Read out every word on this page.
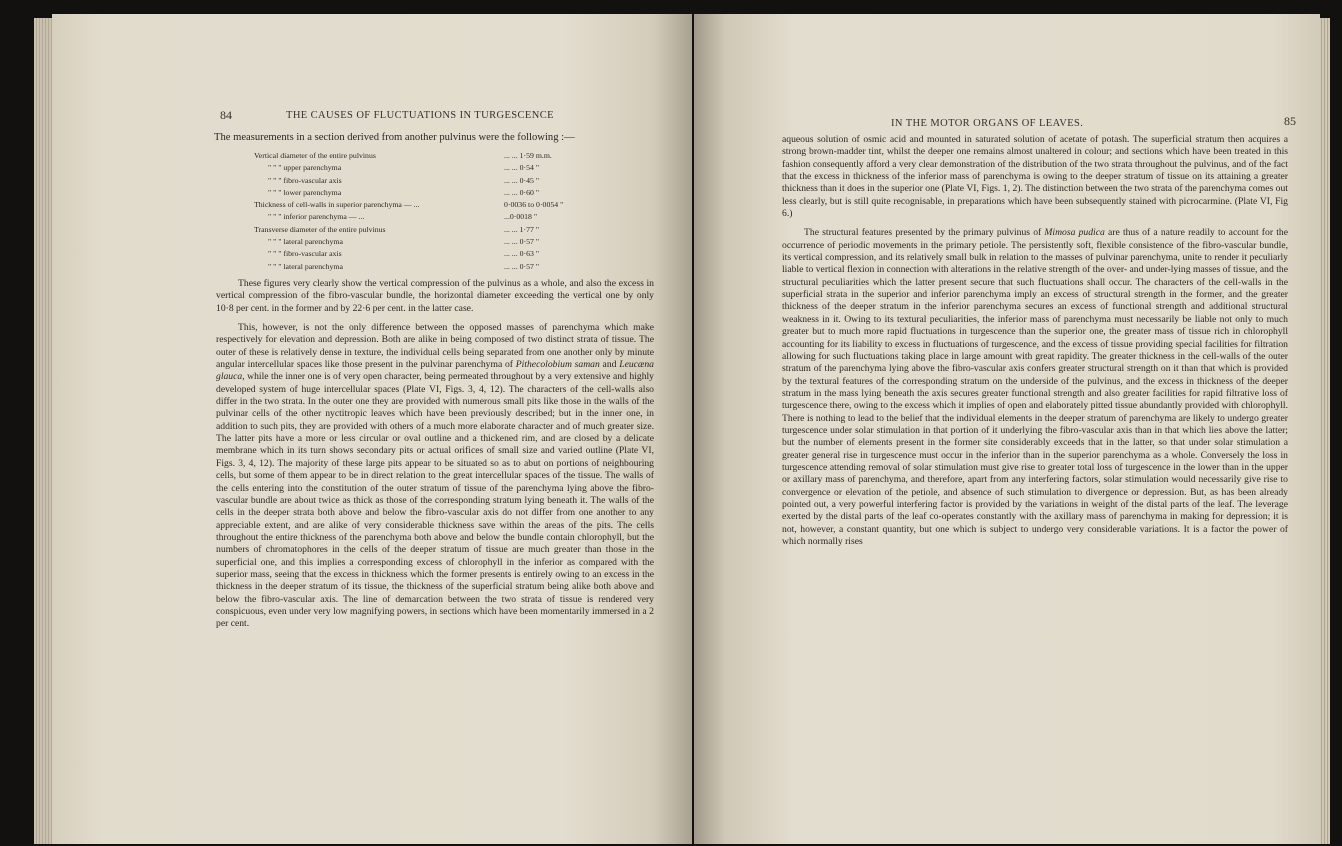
84	THE CAUSES OF FLUCTUATIONS IN TURGESCENCE
The measurements in a section derived from another pulvinus were the following :—
Vertical diameter of the entire pulvinus	... ... 1·59 m.m.
" " " upper parenchyma	... ... 0·54 "
" " " fibro-vascular axis	... ... 0·45 "
" " " lower parenchyma	... ... 0·60 "
Thickness of cell-walls in superior parenchyma — ...	0·0036 to 0·0054 "
" " " inferior parenchyma — ...	...0·0018 "
Transverse diameter of the entire pulvinus	... ... 1·77 "
" " " lateral parenchyma	... ... 0·57 "
" " " fibro-vascular axis	... ... 0·63 "
" " " lateral parenchyma	... ... 0·57 "

These figures very clearly show the vertical compression of the pulvinus as a whole, and also the excess in vertical compression of the fibro-vascular bundle, the horizontal diameter exceeding the vertical one by only 10·8 per cent. in the former and by 22·6 per cent. in the latter case.

This, however, is not the only difference between the opposed masses of parenchyma which make respectively for elevation and depression. Both are alike in being composed of two distinct strata of tissue. The outer of these is relatively dense in texture, the individual cells being separated from one another only by minute angular intercellular spaces like those present in the pulvinar parenchyma of Pithecolobium saman and Leucæna glauca, while the inner one is of very open character, being permeated throughout by a very extensive and highly developed system of huge intercellular spaces (Plate VI, Figs. 3, 4, 12). The characters of the cell-walls also differ in the two strata. In the outer one they are provided with numerous small pits like those in the walls of the pulvinar cells of the other nyctitropic leaves which have been previously described; but in the inner one, in addition to such pits, they are provided with others of a much more elaborate character and of much greater size. The latter pits have a more or less circular or oval outline and a thickened rim, and are closed by a delicate membrane which in its turn shows secondary pits or actual orifices of small size and varied outline (Plate VI, Figs. 3, 4, 12). The majority of these large pits appear to be situated so as to abut on portions of neighbouring cells, but some of them appear to be in direct relation to the great intercellular spaces of the tissue. The walls of the cells entering into the constitution of the outer stratum of tissue of the parenchyma lying above the fibro-vascular bundle are about twice as thick as those of the corresponding stratum lying beneath it. The walls of the cells in the deeper strata both above and below the fibro-vascular axis do not differ from one another to any appreciable extent, and are alike of very considerable thickness save within the areas of the pits. The cells throughout the entire thickness of the parenchyma both above and below the bundle contain chlorophyll, but the numbers of chromatophores in the cells of the deeper stratum of tissue are much greater than those in the superficial one, and this implies a corresponding excess of chlorophyll in the inferior as compared with the superior mass, seeing that the excess in thickness which the former presents is entirely owing to an excess in the thickness in the deeper stratum of its tissue, the thickness of the superficial stratum being alike both above and below the fibro-vascular axis. The line of demarcation between the two strata of tissue is rendered very conspicuous, even under very low magnifying powers, in sections which have been momentarily immersed in a 2 per cent.

IN THE MOTOR ORGANS OF LEAVES.	85

aqueous solution of osmic acid and mounted in saturated solution of acetate of potash. The superficial stratum then acquires a strong brown-madder tint, whilst the deeper one remains almost unaltered in colour; and sections which have been treated in this fashion consequently afford a very clear demonstration of the distribution of the two strata throughout the pulvinus, and of the fact that the excess in thickness of the inferior mass of parenchyma is owing to the deeper stratum of tissue on its attaining a greater thickness than it does in the superior one (Plate VI, Figs. 1, 2). The distinction between the two strata of the parenchyma comes out less clearly, but is still quite recognisable, in preparations which have been subsequently stained with picrocarmine. (Plate VI, Fig 6.)

The structural features presented by the primary pulvinus of Mimosa pudica are thus of a nature readily to account for the occurrence of periodic movements in the primary petiole. The persistently soft, flexible consistence of the fibro-vascular bundle, its vertical compression, and its relatively small bulk in relation to the masses of pulvinar parenchyma, unite to render it peculiarly liable to vertical flexion in connection with alterations in the relative strength of the over- and under-lying masses of tissue, and the structural peculiarities which the latter present secure that such fluctuations shall occur. The characters of the cell-walls in the superficial strata in the superior and inferior parenchyma imply an excess of structural strength in the former, and the greater thickness of the deeper stratum in the inferior parenchyma secures an excess of functional strength and additional structural weakness in it. Owing to its textural peculiarities, the inferior mass of parenchyma must necessarily be liable not only to much greater but to much more rapid fluctuations in turgescence than the superior one, the greater mass of tissue rich in chlorophyll accounting for its liability to excess in fluctuations of turgescence, and the excess of tissue providing special facilities for filtration allowing for such fluctuations taking place in large amount with great rapidity. The greater thickness in the cell-walls of the outer stratum of the parenchyma lying above the fibro-vascular axis confers greater structural strength on it than that which is provided by the textural features of the corresponding stratum on the underside of the pulvinus, and the excess in thickness of the deeper stratum in the mass lying beneath the axis secures greater functional strength and also greater facilities for rapid filtrative loss of turgescence there, owing to the excess which it implies of open and elaborately pitted tissue abundantly provided with chlorophyll. There is nothing to lead to the belief that the individual elements in the deeper stratum of parenchyma are likely to undergo greater turgescence under solar stimulation in that portion of it underlying the fibro-vascular axis than in that which lies above the latter; but the number of elements present in the former site considerably exceeds that in the latter, so that under solar stimulation a greater general rise in turgescence must occur in the inferior than in the superior parenchyma as a whole. Conversely the loss in turgescence attending removal of solar stimulation must give rise to greater total loss of turgescence in the lower than in the upper or axillary mass of parenchyma, and therefore, apart from any interfering factors, solar stimulation would necessarily give rise to convergence or elevation of the petiole, and absence of such stimulation to divergence or depression. But, as has been already pointed out, a very powerful interfering factor is provided by the variations in weight of the distal parts of the leaf. The leverage exerted by the distal parts of the leaf co-operates constantly with the axillary mass of parenchyma in making for depression; it is not, however, a constant quantity, but one which is subject to undergo very considerable variations. It is a factor the power of which normally rises
